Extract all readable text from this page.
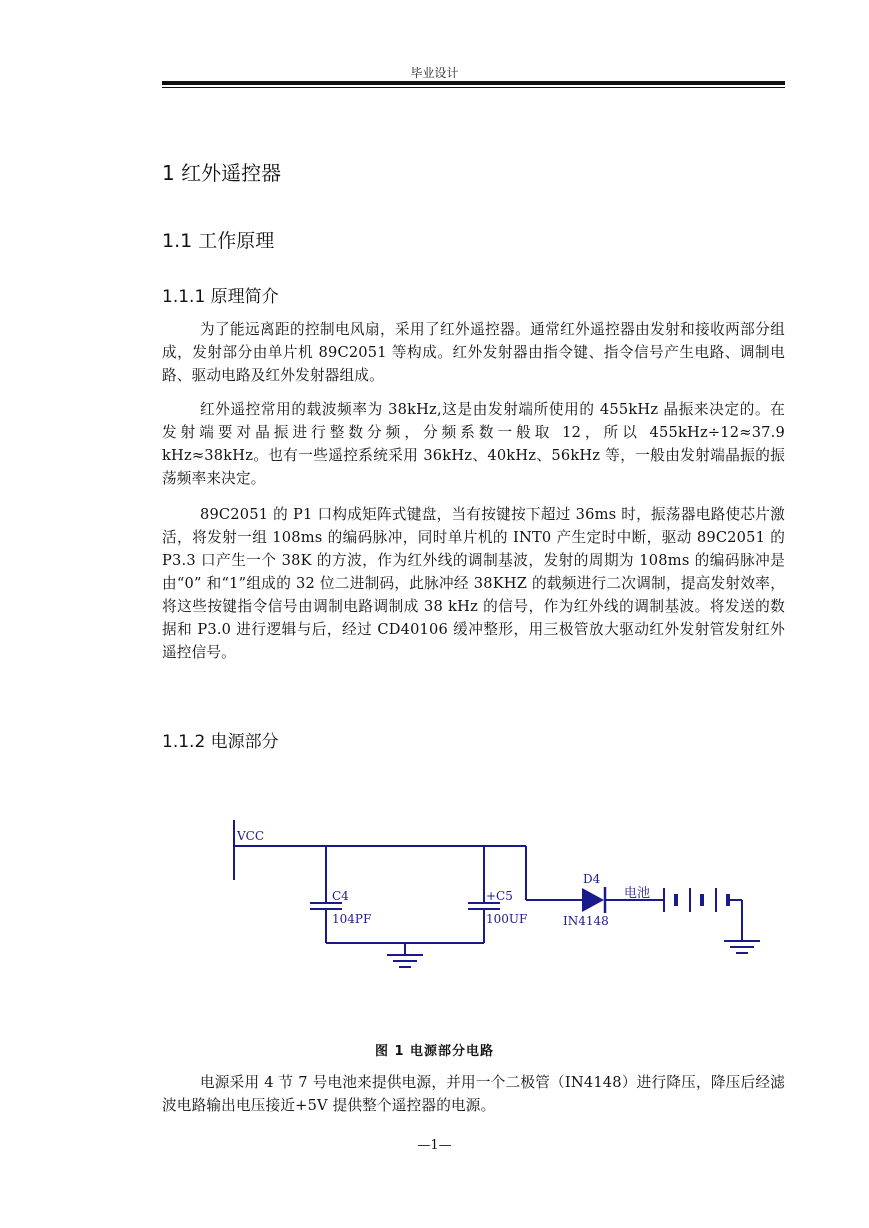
毕业设计
1 红外遥控器
1.1 工作原理
1.1.1 原理简介
为了能远离距的控制电风扇，采用了红外遥控器。通常红外遥控器由发射和接收两部分组成，发射部分由单片机 89C2051 等构成。红外发射器由指令键、指令信号产生电路、调制电路、驱动电路及红外发射器组成。
红外遥控常用的载波频率为 38kHz,这是由发射端所使用的 455kHz 晶振来决定的。在发射端要对晶振进行整数分频，分频系数一般取 12，所以 455kHz÷12≈37.9 kHz≈38kHz。也有一些遥控系统采用 36kHz、40kHz、56kHz 等，一般由发射端晶振的振荡频率来决定。
89C2051 的 P1 口构成矩阵式键盘，当有按键按下超过 36ms 时，振荡器电路使芯片激活，将发射一组 108ms 的编码脉冲，同时单片机的 INT0 产生定时中断，驱动 89C2051 的 P3.3 口产生一个 38K 的方波，作为红外线的调制基波，发射的周期为 108ms 的编码脉冲是由“0” 和“1”组成的 32 位二进制码，此脉冲经 38KHZ 的载频进行二次调制，提高发射效率，将这些按键指令信号由调制电路调制成 38 kHz 的信号，作为红外线的调制基波。将发送的数据和 P3.0 进行逻辑与后，经过 CD40106 缓冲整形，用三极管放大驱动红外发射管发射红外遥控信号。
1.1.2 电源部分
VCC
C4
104PF
+C5
100UF
D4
IN4148
电池
图 1 电源部分电路
电源采用 4 节 7 号电池来提供电源，并用一个二极管（IN4148）进行降压，降压后经滤波电路输出电压接近+5V 提供整个遥控器的电源。
—1—
